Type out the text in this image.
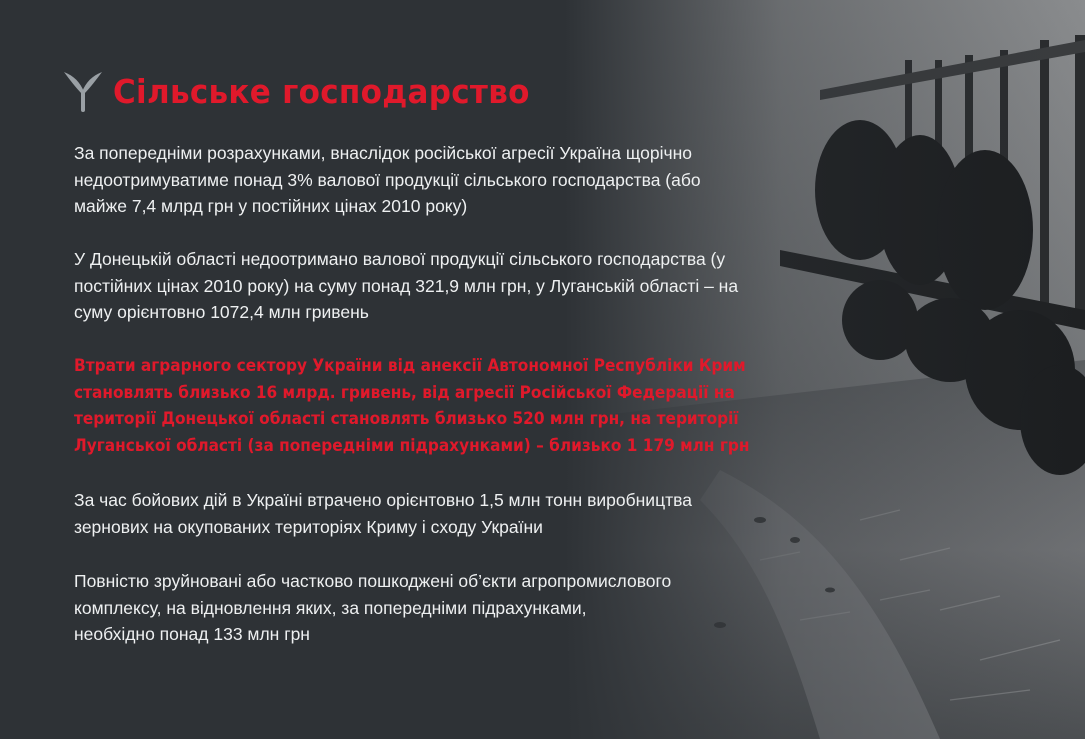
Сільське господарство

За попередніми розрахунками, внаслідок російської агресії Україна щорічно
недоотримуватиме понад 3% валової продукції сільського господарства (або
майже 7,4 млрд грн у постійних цінах 2010 року)

У Донецькій області недоотримано валової продукції сільського господарства (у
постійних цінах 2010 року) на суму понад 321,9 млн грн, у Луганській області – на
суму орієнтовно 1072,4 млн гривень

Втрати аграрного сектору України від анексії Автономної Республіки Крим
становлять близько 16 млрд. гривень, від агресії Російської Федерації на
території Донецької області становлять близько 520 млн грн, на території
Луганської області (за попередніми підрахунками) – близько 1 179 млн грн

За час бойових дій в Україні втрачено орієнтовно 1,5 млн тонн виробництва
зернових на окупованих територіях Криму і сходу України

Повністю зруйновані або частково пошкоджені об’єкти агропромислового
комплексу, на відновлення яких, за попередніми підрахунками,
необхідно понад 133 млн грн
